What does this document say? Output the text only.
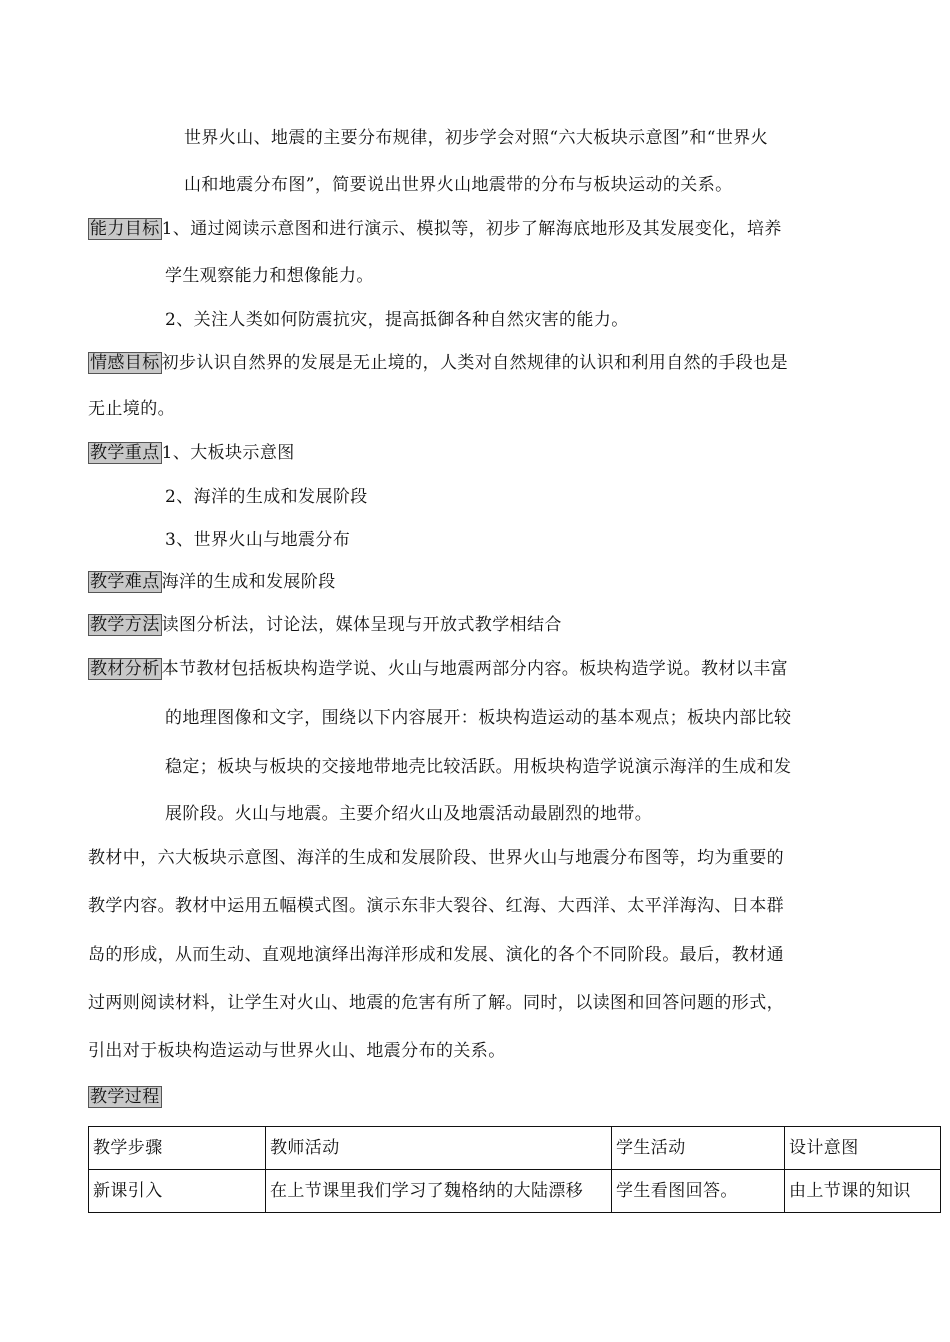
世界火山、地震的主要分布规律，初步学会对照“六大板块示意图”和“世界火
山和地震分布图”，简要说出世界火山地震带的分布与板块运动的关系。
能力目标 1、通过阅读示意图和进行演示、模拟等，初步了解海底地形及其发展变化，培养
学生观察能力和想像能力。
2、关注人类如何防震抗灾，提高抵御各种自然灾害的能力。
情感目标 初步认识自然界的发展是无止境的，人类对自然规律的认识和利用自然的手段也是
无止境的。
教学重点 1、大板块示意图
2、海洋的生成和发展阶段
3、世界火山与地震分布
教学难点 海洋的生成和发展阶段
教学方法 读图分析法，讨论法，媒体呈现与开放式教学相结合
教材分析 本节教材包括板块构造学说、火山与地震两部分内容。板块构造学说。教材以丰富
的地理图像和文字，围绕以下内容展开：板块构造运动的基本观点；板块内部比较
稳定；板块与板块的交接地带地壳比较活跃。用板块构造学说演示海洋的生成和发
展阶段。火山与地震。主要介绍火山及地震活动最剧烈的地带。
教材中，六大板块示意图、海洋的生成和发展阶段、世界火山与地震分布图等，均为重要的
教学内容。教材中运用五幅模式图。演示东非大裂谷、红海、大西洋、太平洋海沟、日本群
岛的形成，从而生动、直观地演绎出海洋形成和发展、演化的各个不同阶段。最后，教材通
过两则阅读材料，让学生对火山、地震的危害有所了解。同时，以读图和回答问题的形式，
引出对于板块构造运动与世界火山、地震分布的关系。
教学过程
教学步骤	教师活动	学生活动	设计意图
新课引入	在上节课里我们学习了魏格纳的大陆漂移	学生看图回答。	由上节课的知识
